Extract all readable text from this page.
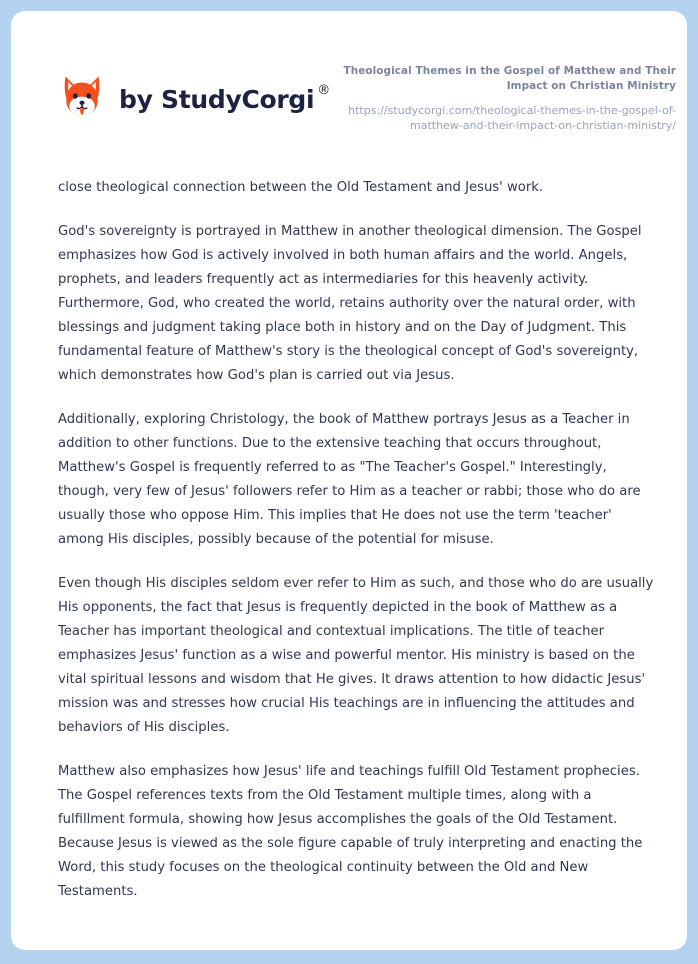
by StudyCorgi ®

Theological Themes in the Gospel of Matthew and Their Impact on Christian Ministry

https://studycorgi.com/theological-themes-in-the-gospel-of-matthew-and-their-impact-on-christian-ministry/

close theological connection between the Old Testament and Jesus' work.

God's sovereignty is portrayed in Matthew in another theological dimension. The Gospel emphasizes how God is actively involved in both human affairs and the world. Angels, prophets, and leaders frequently act as intermediaries for this heavenly activity. Furthermore, God, who created the world, retains authority over the natural order, with blessings and judgment taking place both in history and on the Day of Judgment. This fundamental feature of Matthew's story is the theological concept of God's sovereignty, which demonstrates how God's plan is carried out via Jesus.

Additionally, exploring Christology, the book of Matthew portrays Jesus as a Teacher in addition to other functions. Due to the extensive teaching that occurs throughout, Matthew's Gospel is frequently referred to as "The Teacher's Gospel." Interestingly, though, very few of Jesus' followers refer to Him as a teacher or rabbi; those who do are usually those who oppose Him. This implies that He does not use the term 'teacher' among His disciples, possibly because of the potential for misuse.

Even though His disciples seldom ever refer to Him as such, and those who do are usually His opponents, the fact that Jesus is frequently depicted in the book of Matthew as a Teacher has important theological and contextual implications. The title of teacher emphasizes Jesus' function as a wise and powerful mentor. His ministry is based on the vital spiritual lessons and wisdom that He gives. It draws attention to how didactic Jesus' mission was and stresses how crucial His teachings are in influencing the attitudes and behaviors of His disciples.

Matthew also emphasizes how Jesus' life and teachings fulfill Old Testament prophecies. The Gospel references texts from the Old Testament multiple times, along with a fulfillment formula, showing how Jesus accomplishes the goals of the Old Testament. Because Jesus is viewed as the sole figure capable of truly interpreting and enacting the Word, this study focuses on the theological continuity between the Old and New Testaments.
